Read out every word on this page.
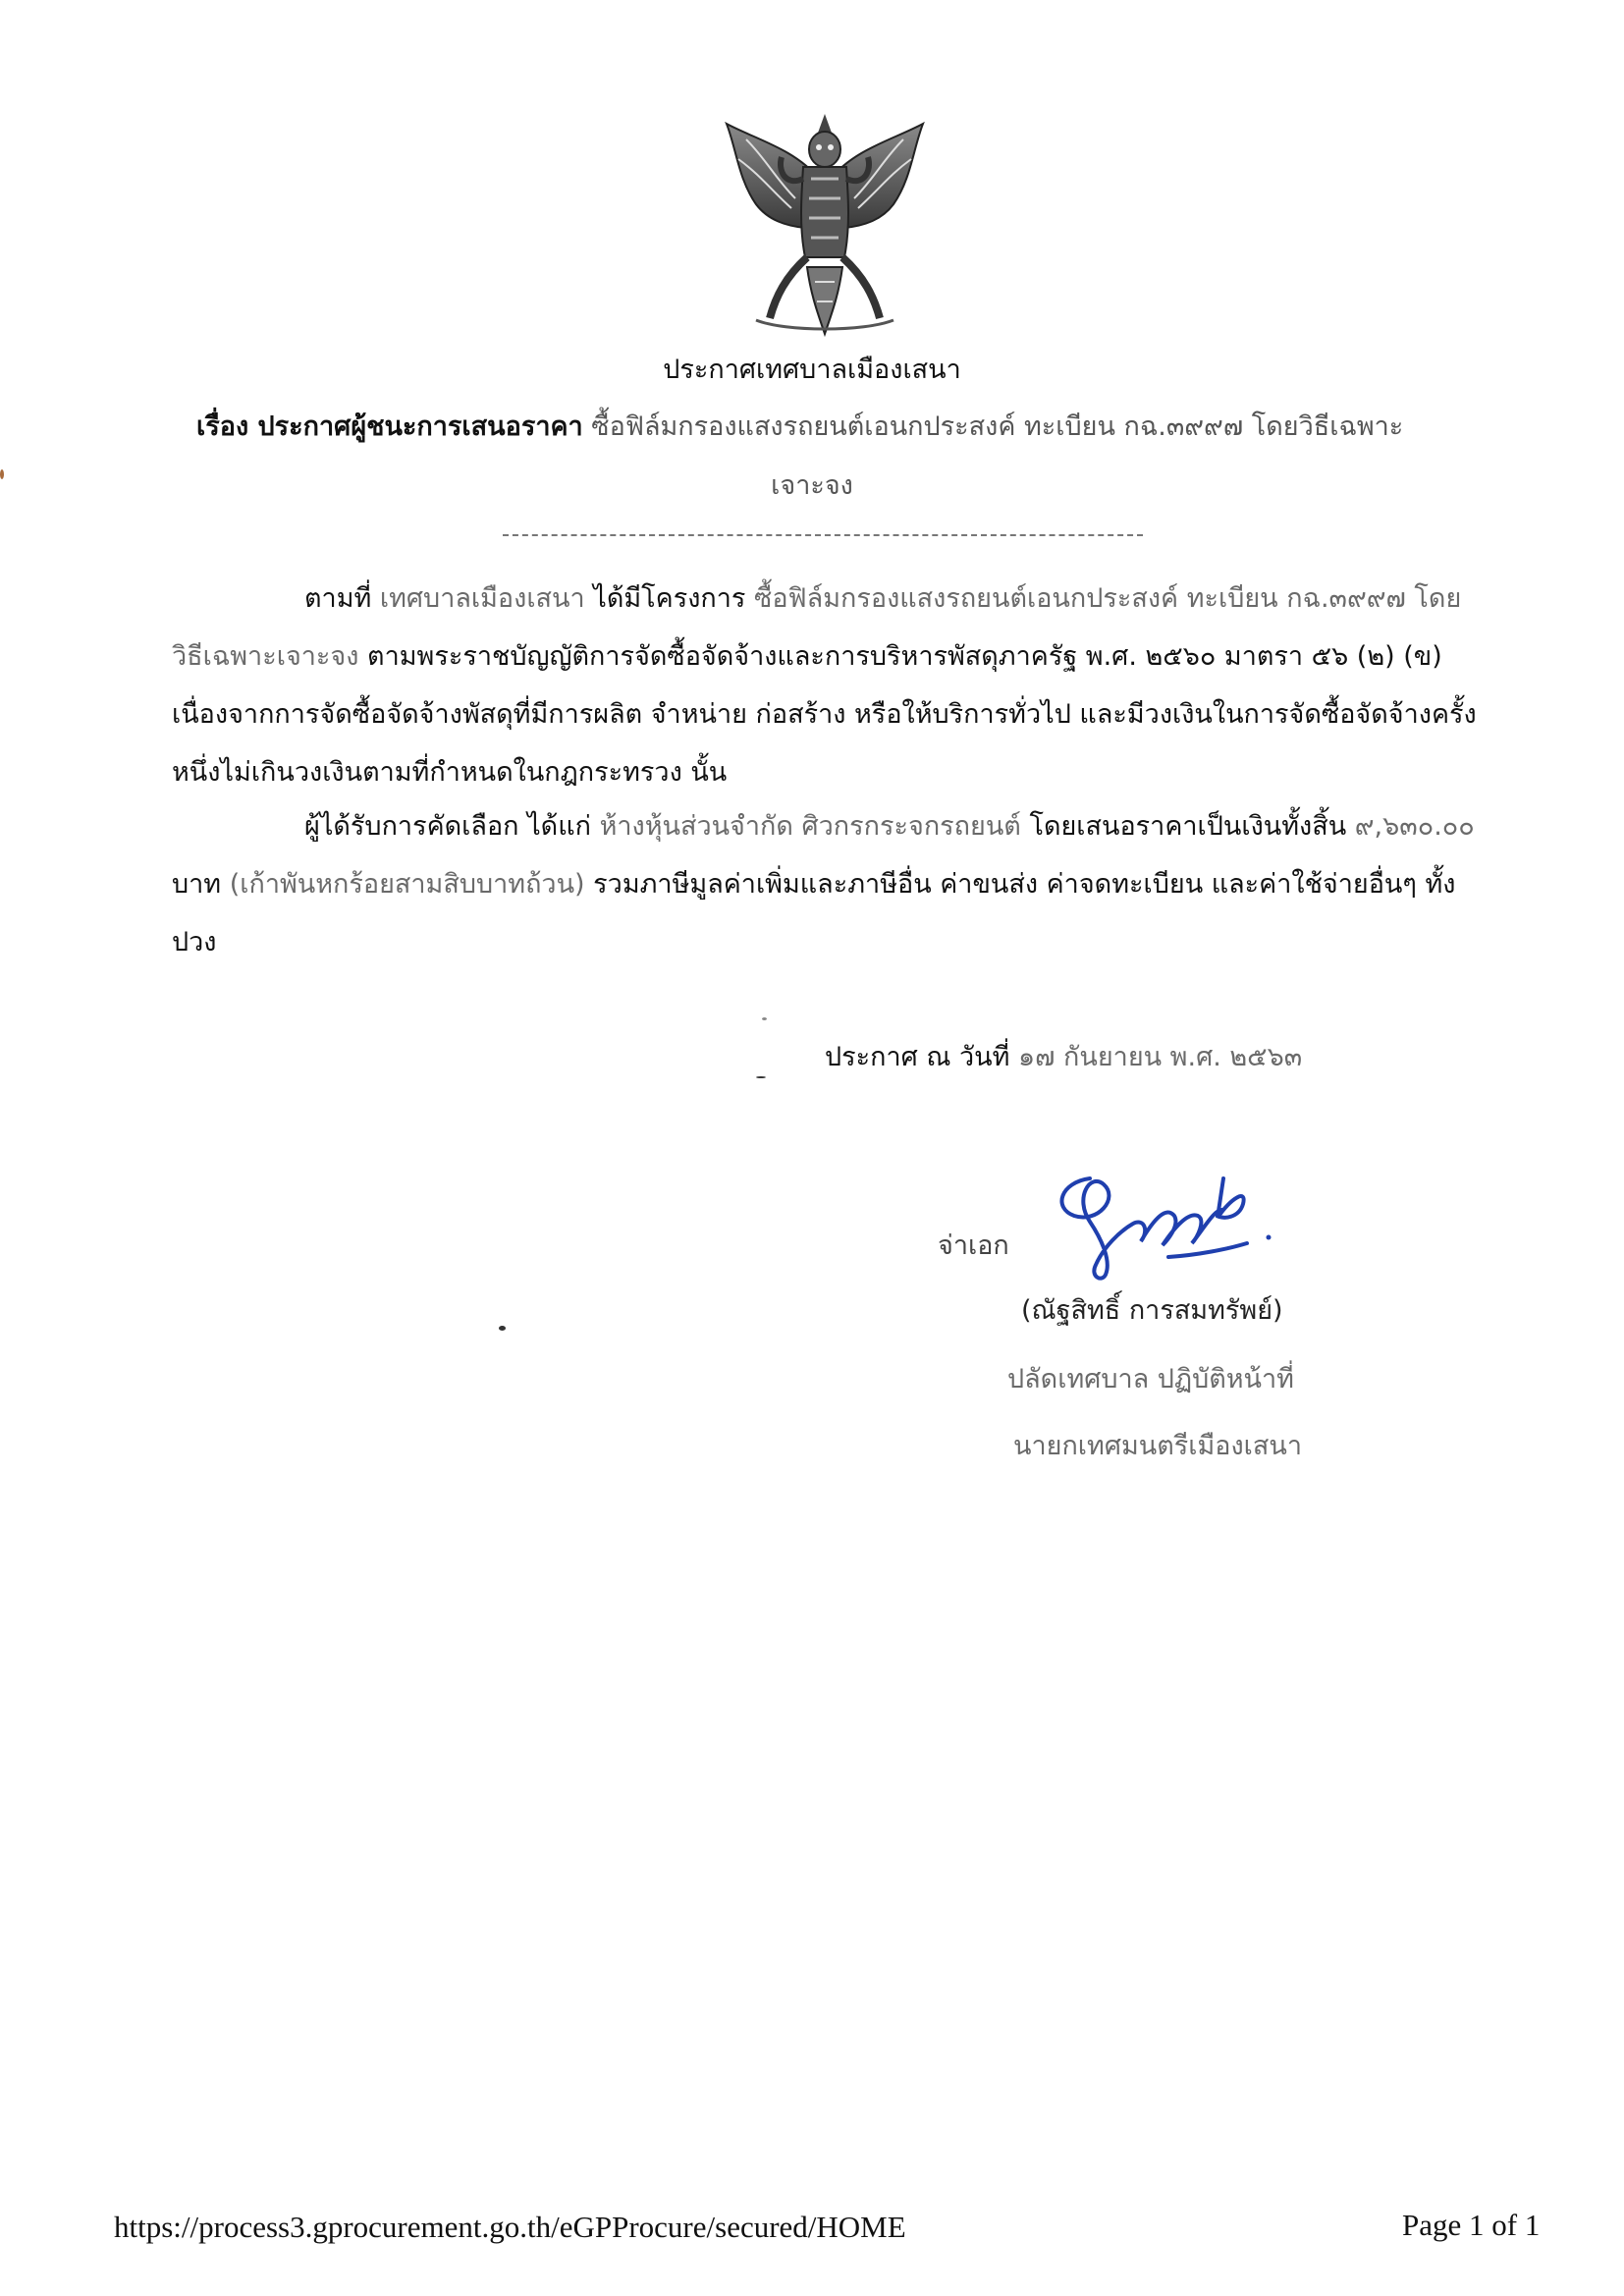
ประกาศเทศบาลเมืองเสนา
เรื่อง ประกาศผู้ชนะการเสนอราคา ซื้อฟิล์มกรองแสงรถยนต์เอนกประสงค์ ทะเบียน กฉ.๓๙๙๗ โดยวิธีเฉพาะ
เจาะจง
ตามที่ เทศบาลเมืองเสนา ได้มีโครงการ ซื้อฟิล์มกรองแสงรถยนต์เอนกประสงค์ ทะเบียน กฉ.๓๙๙๗ โดยวิธีเฉพาะเจาะจง ตามพระราชบัญญัติการจัดซื้อจัดจ้างและการบริหารพัสดุภาครัฐ พ.ศ. ๒๕๖๐ มาตรา ๕๖ (๒) (ข) เนื่องจากการจัดซื้อจัดจ้างพัสดุที่มีการผลิต จำหน่าย ก่อสร้าง หรือให้บริการทั่วไป และมีวงเงินในการจัดซื้อจัดจ้างครั้งหนึ่งไม่เกินวงเงินตามที่กำหนดในกฎกระทรวง นั้น
ผู้ได้รับการคัดเลือก ได้แก่ ห้างหุ้นส่วนจำกัด ศิวกรกระจกรถยนต์ โดยเสนอราคาเป็นเงินทั้งสิ้น ๙,๖๓๐.๐๐ บาท (เก้าพันหกร้อยสามสิบบาทถ้วน) รวมภาษีมูลค่าเพิ่มและภาษีอื่น ค่าขนส่ง ค่าจดทะเบียน และค่าใช้จ่ายอื่นๆ ทั้งปวง
ประกาศ ณ วันที่ ๑๗ กันยายน พ.ศ. ๒๕๖๓
จ่าเอก
(ณัฐสิทธิ์ การสมทรัพย์)
ปลัดเทศบาล ปฏิบัติหน้าที่
นายกเทศมนตรีเมืองเสนา
https://process3.gprocurement.go.th/eGPProcure/secured/HOME	Page 1 of 1
